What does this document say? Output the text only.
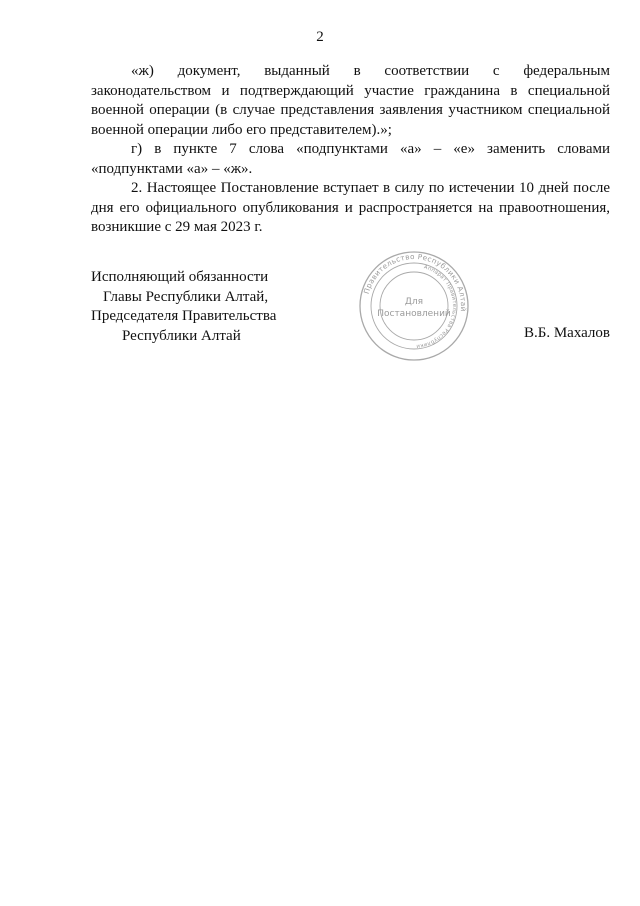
2

«ж) документ, выданный в соответствии с федеральным законодательством и подтверждающий участие гражданина в специальной военной операции (в случае представления заявления участником специальной военной операции либо его представителем).»;

г) в пункте 7 слова «подпунктами «а» – «е» заменить словами «подпунктами «а» – «ж».

2. Настоящее Постановление вступает в силу по истечении 10 дней после дня его официального опубликования и распространяется на правоотношения, возникшие с 29 мая 2023 г.

Исполняющий обязанности
Главы Республики Алтай,
Председателя Правительства
Республики Алтай
Правительство Республики Алтай
Аппарат Правительства Республики
Для
Постановлений
В.Б. Махалов
